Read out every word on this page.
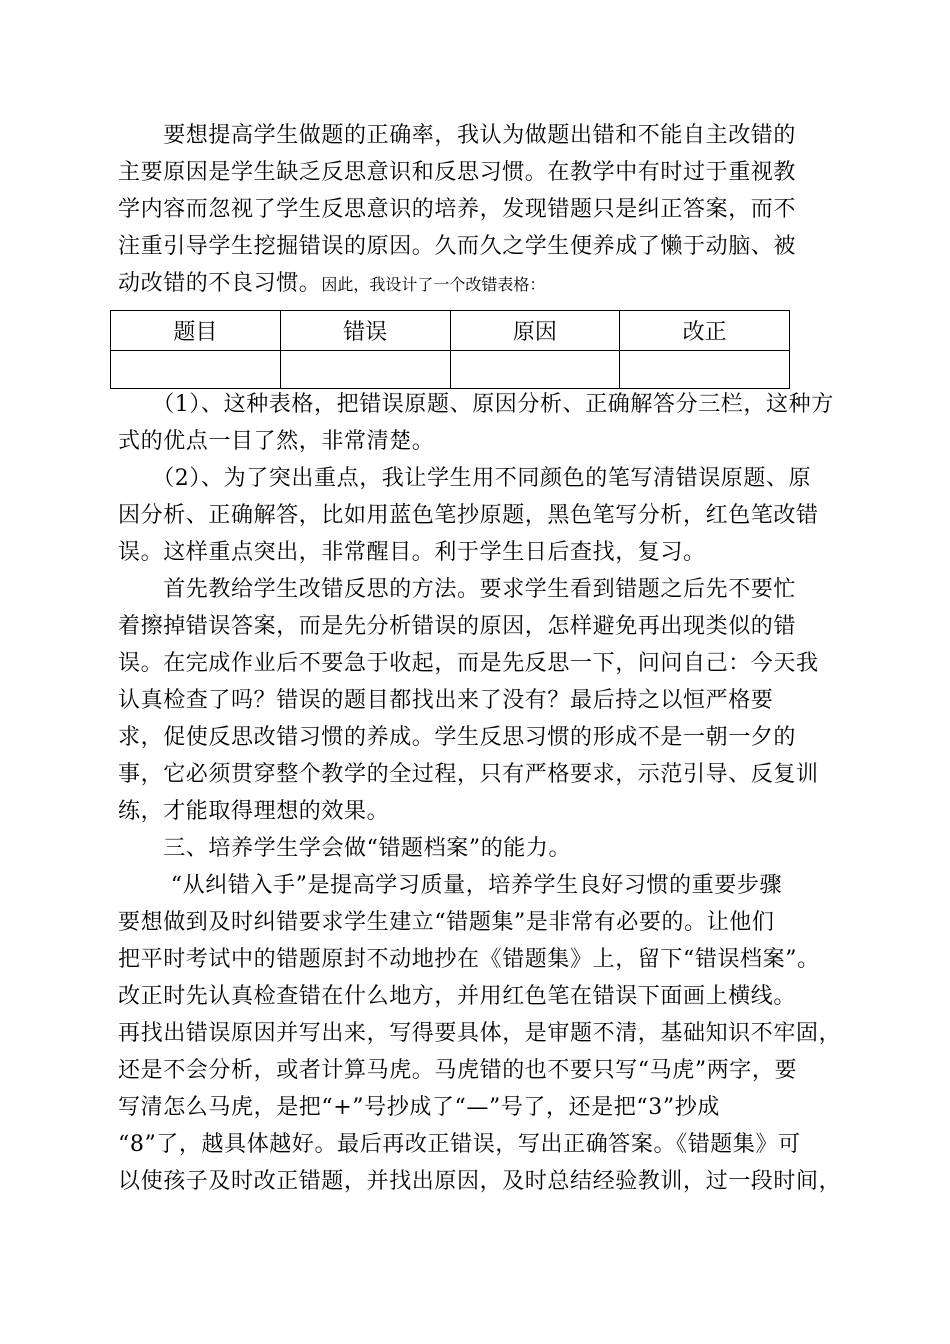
　　要想提高学生做题的正确率，我认为做题出错和不能自主改错的
主要原因是学生缺乏反思意识和反思习惯。在教学中有时过于重视教
学内容而忽视了学生反思意识的培养，发现错题只是纠正答案，而不
注重引导学生挖掘错误的原因。久而久之学生便养成了懒于动脑、被
动改错的不良习惯。因此，我设计了一个改错表格：
题目	错误	原因	改正

　　（1）、这种表格，把错误原题、原因分析、正确解答分三栏，这种方
式的优点一目了然，非常清楚。
　　（2）、为了突出重点，我让学生用不同颜色的笔写清错误原题、原
因分析、正确解答，比如用蓝色笔抄原题，黑色笔写分析，红色笔改错
误。这样重点突出，非常醒目。利于学生日后查找，复习。
　　首先教给学生改错反思的方法。要求学生看到错题之后先不要忙
着擦掉错误答案，而是先分析错误的原因，怎样避免再出现类似的错
误。在完成作业后不要急于收起，而是先反思一下，问问自己：今天我
认真检查了吗？错误的题目都找出来了没有？最后持之以恒严格要
求，促使反思改错习惯的养成。学生反思习惯的形成不是一朝一夕的
事，它必须贯穿整个教学的全过程，只有严格要求，示范引导、反复训
练，才能取得理想的效果。
　　三、培养学生学会做“错题档案”的能力。
　　 “从纠错入手”是提高学习质量，培养学生良好习惯的重要步骤
要想做到及时纠错要求学生建立“错题集”是非常有必要的。让他们
把平时考试中的错题原封不动地抄在《错题集》上，留下“错误档案”。
改正时先认真检查错在什么地方，并用红色笔在错误下面画上横线。
再找出错误原因并写出来，写得要具体，是审题不清，基础知识不牢固，
还是不会分析，或者计算马虎。马虎错的也不要只写“马虎”两字，要
写清怎么马虎，是把“+”号抄成了“—”号了，还是把“3”抄成
“8”了，越具体越好。最后再改正错误，写出正确答案。《错题集》可
以使孩子及时改正错题，并找出原因，及时总结经验教训，过一段时间，
